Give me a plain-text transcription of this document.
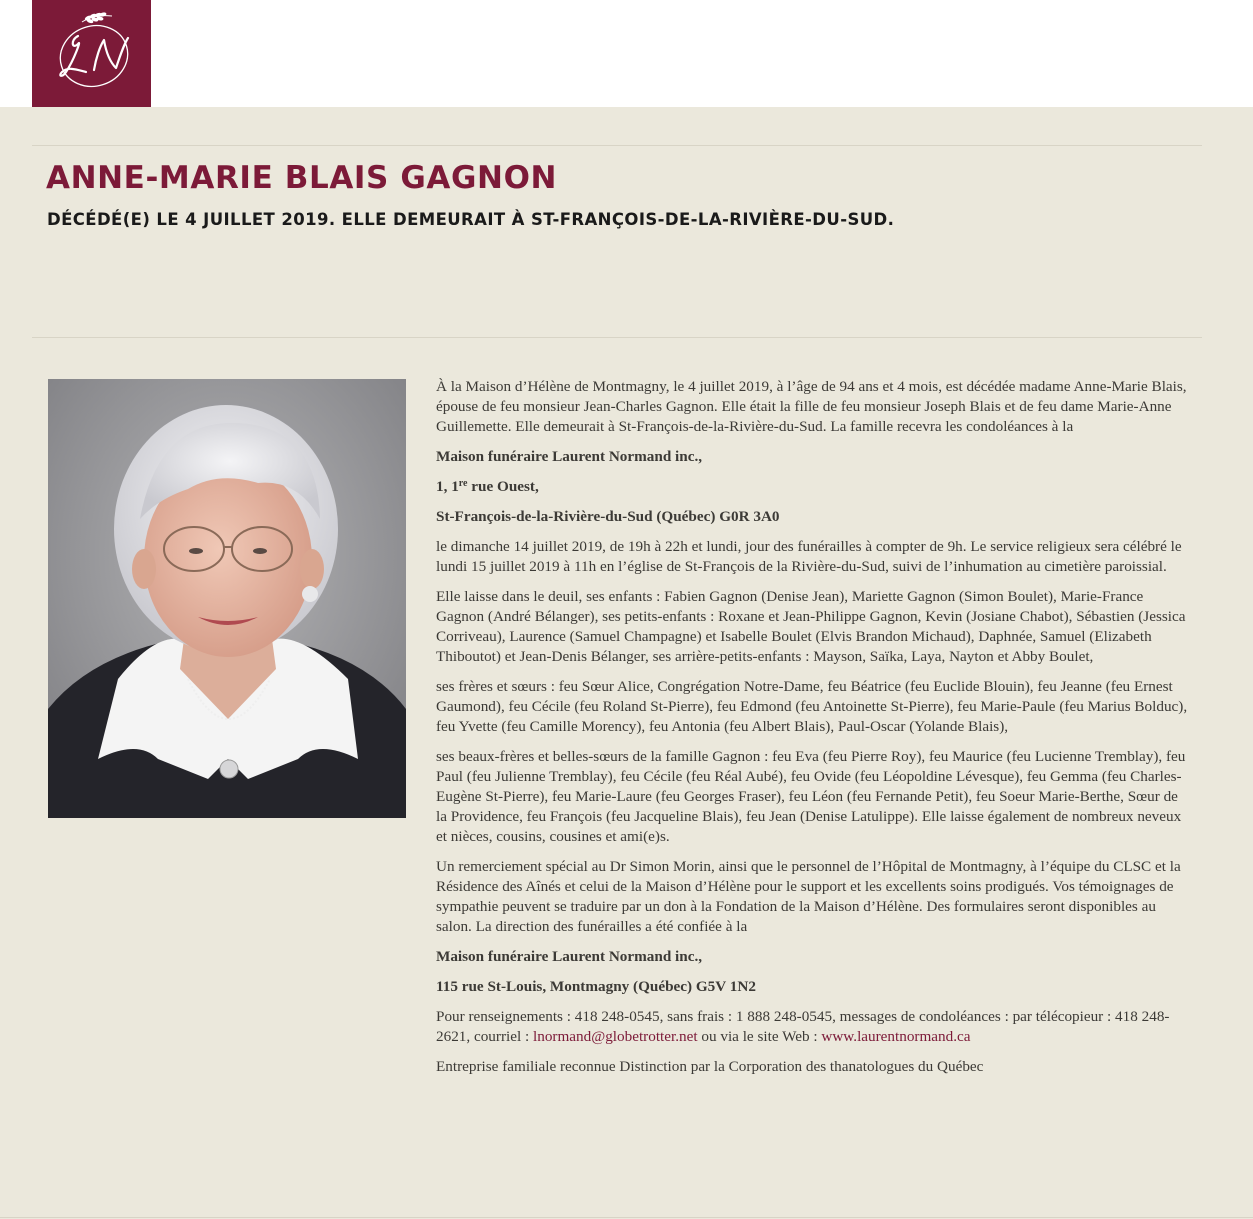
ANNE-MARIE BLAIS GAGNON
DÉCÉDÉ(E) LE 4 JUILLET 2019. ELLE DEMEURAIT À ST-FRANÇOIS-DE-LA-RIVIÈRE-DU-SUD.

À la Maison d’Hélène de Montmagny, le 4 juillet 2019, à l’âge de 94 ans et 4 mois, est décédée madame Anne-Marie Blais, épouse de feu monsieur Jean-Charles Gagnon. Elle était la fille de feu monsieur Joseph Blais et de feu dame Marie-Anne Guillemette. Elle demeurait à St-François-de-la-Rivière-du-Sud. La famille recevra les condoléances à la

Maison funéraire Laurent Normand inc.,

1, 1re rue Ouest,

St-François-de-la-Rivière-du-Sud (Québec) G0R 3A0

le dimanche 14 juillet 2019, de 19h à 22h et lundi, jour des funérailles à compter de 9h. Le service religieux sera célébré le lundi 15 juillet 2019 à 11h en l’église de St-François de la Rivière-du-Sud, suivi de l’inhumation au cimetière paroissial.

Elle laisse dans le deuil, ses enfants : Fabien Gagnon (Denise Jean), Mariette Gagnon (Simon Boulet), Marie-France Gagnon (André Bélanger), ses petits-enfants : Roxane et Jean-Philippe Gagnon, Kevin (Josiane Chabot), Sébastien (Jessica Corriveau), Laurence (Samuel Champagne) et Isabelle Boulet (Elvis Brandon Michaud), Daphnée, Samuel (Elizabeth Thiboutot) et Jean-Denis Bélanger, ses arrière-petits-enfants : Mayson, Saïka, Laya, Nayton et Abby Boulet,

ses frères et sœurs : feu Sœur Alice, Congrégation Notre-Dame, feu Béatrice (feu Euclide Blouin), feu Jeanne (feu Ernest Gaumond), feu Cécile (feu Roland St-Pierre), feu Edmond (feu Antoinette St-Pierre), feu Marie-Paule (feu Marius Bolduc), feu Yvette (feu Camille Morency), feu Antonia (feu Albert Blais), Paul-Oscar (Yolande Blais),

ses beaux-frères et belles-sœurs de la famille Gagnon : feu Eva (feu Pierre Roy), feu Maurice (feu Lucienne Tremblay), feu Paul (feu Julienne Tremblay), feu Cécile (feu Réal Aubé), feu Ovide (feu Léopoldine Lévesque), feu Gemma (feu Charles-Eugène St-Pierre), feu Marie-Laure (feu Georges Fraser), feu Léon (feu Fernande Petit), feu Soeur Marie-Berthe, Sœur de la Providence, feu François (feu Jacqueline Blais), feu Jean (Denise Latulippe). Elle laisse également de nombreux neveux et nièces, cousins, cousines et ami(e)s.

Un remerciement spécial au Dr Simon Morin, ainsi que le personnel de l’Hôpital de Montmagny, à l’équipe du CLSC et la Résidence des Aînés et celui de la Maison d’Hélène pour le support et les excellents soins prodigués. Vos témoignages de sympathie peuvent se traduire par un don à la Fondation de la Maison d’Hélène. Des formulaires seront disponibles au salon. La direction des funérailles a été confiée à la

Maison funéraire Laurent Normand inc.,

115 rue St-Louis, Montmagny (Québec) G5V 1N2

Pour renseignements : 418 248-0545, sans frais : 1 888 248-0545, messages de condoléances : par télécopieur : 418 248-2621, courriel : lnormand@globetrotter.net ou via le site Web : www.laurentnormand.ca

Entreprise familiale reconnue Distinction par la Corporation des thanatologues du Québec
